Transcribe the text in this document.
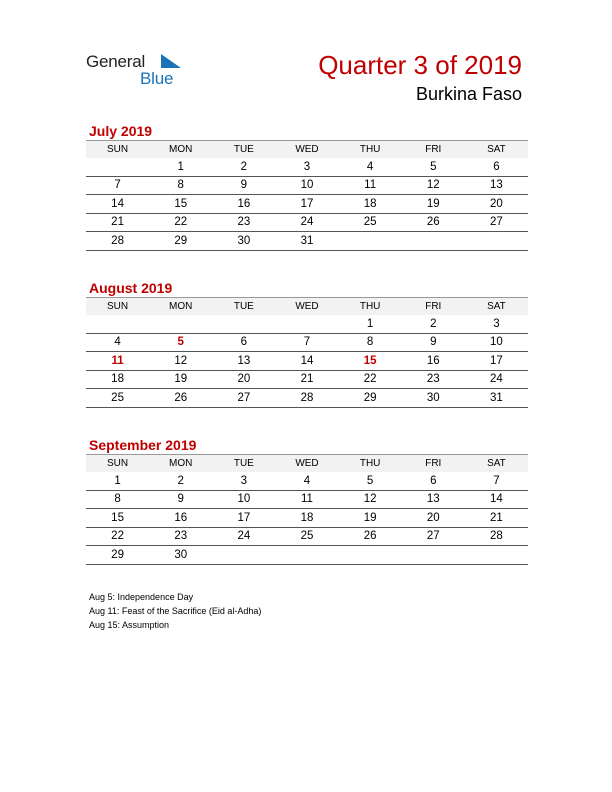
General
Blue	Quarter 3 of 2019
Burkina Faso
July 2019
SUN	MON	TUE	WED	THU	FRI	SAT
	1	2	3	4	5	6
7	8	9	10	11	12	13
14	15	16	17	18	19	20
21	22	23	24	25	26	27
28	29	30	31			
August 2019
SUN	MON	TUE	WED	THU	FRI	SAT
				1	2	3
4	5	6	7	8	9	10
11	12	13	14	15	16	17
18	19	20	21	22	23	24
25	26	27	28	29	30	31
September 2019
SUN	MON	TUE	WED	THU	FRI	SAT
1	2	3	4	5	6	7
8	9	10	11	12	13	14
15	16	17	18	19	20	21
22	23	24	25	26	27	28
29	30					
Aug 5: Independence Day
Aug 11: Feast of the Sacrifice (Eid al-Adha)
Aug 15: Assumption
